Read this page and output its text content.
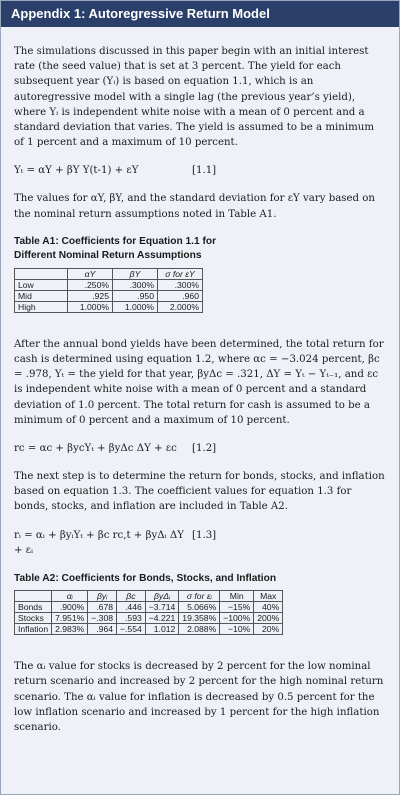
Appendix 1: Autoregressive Return Model

The simulations discussed in this paper begin with an initial interest rate (the seed value) that is set at 3 percent. The yield for each subsequent year (Yᵢ) is based on equation 1.1, which is an autoregressive model with a single lag (the previous year’s yield), where Yᵢ is independent white noise with a mean of 0 percent and a standard deviation that varies. The yield is assumed to be a minimum of 1 percent and a maximum of 10 percent.

Yₜ = αY + βY Y(t-1) + εY	[1.1]

The values for αY, βY, and the standard deviation for εY vary based on the nominal return assumptions noted in Table A1.

Table A1: Coefficients for Equation 1.1 for Different Nominal Return Assumptions

	αY	βY	σ for εY
Low	.250%	.300%	.300%
Mid	.925	.950	.960
High	1.000%	1.000%	2.000%

After the annual bond yields have been determined, the total return for cash is determined using equation 1.2, where αc = −3.024 percent, βc = .978, Yₜ = the yield for that year, βyΔc = .321, ΔY = Yₜ − Yₜ₋₁, and εc is independent white noise with a mean of 0 percent and a standard deviation of 1.0 percent. The total return for cash is assumed to be a minimum of 0 percent and a maximum of 10 percent.

rc = αc + βycYₜ + βyΔc ΔY + εc	[1.2]

The next step is to determine the return for bonds, stocks, and inflation based on equation 1.3. The coefficient values for equation 1.3 for bonds, stocks, and inflation are included in Table A2.

rᵢ = αᵢ + βyᵢYₜ + βc rc,t + βyΔᵢ ΔY + εᵢ
[1.3]

Table A2: Coefficients for Bonds, Stocks, and Inflation

	αᵢ	βyᵢ	βc	βyΔᵢ	σ for εᵢ	Min	Max
Bonds	.900%	.678	.446	−3.714	5.066%	−15%	40%
Stocks	7.951%	−.308	.593	−4.221	19.358%	−100%	200%
Inflation	2.983%	.964	−.554	1.012	2.088%	−10%	20%

The αᵢ value for stocks is decreased by 2 percent for the low nominal return scenario and increased by 2 percent for the high nominal return scenario. The αᵢ value for inflation is decreased by 0.5 percent for the low inflation scenario and increased by 1 percent for the high inflation scenario.
